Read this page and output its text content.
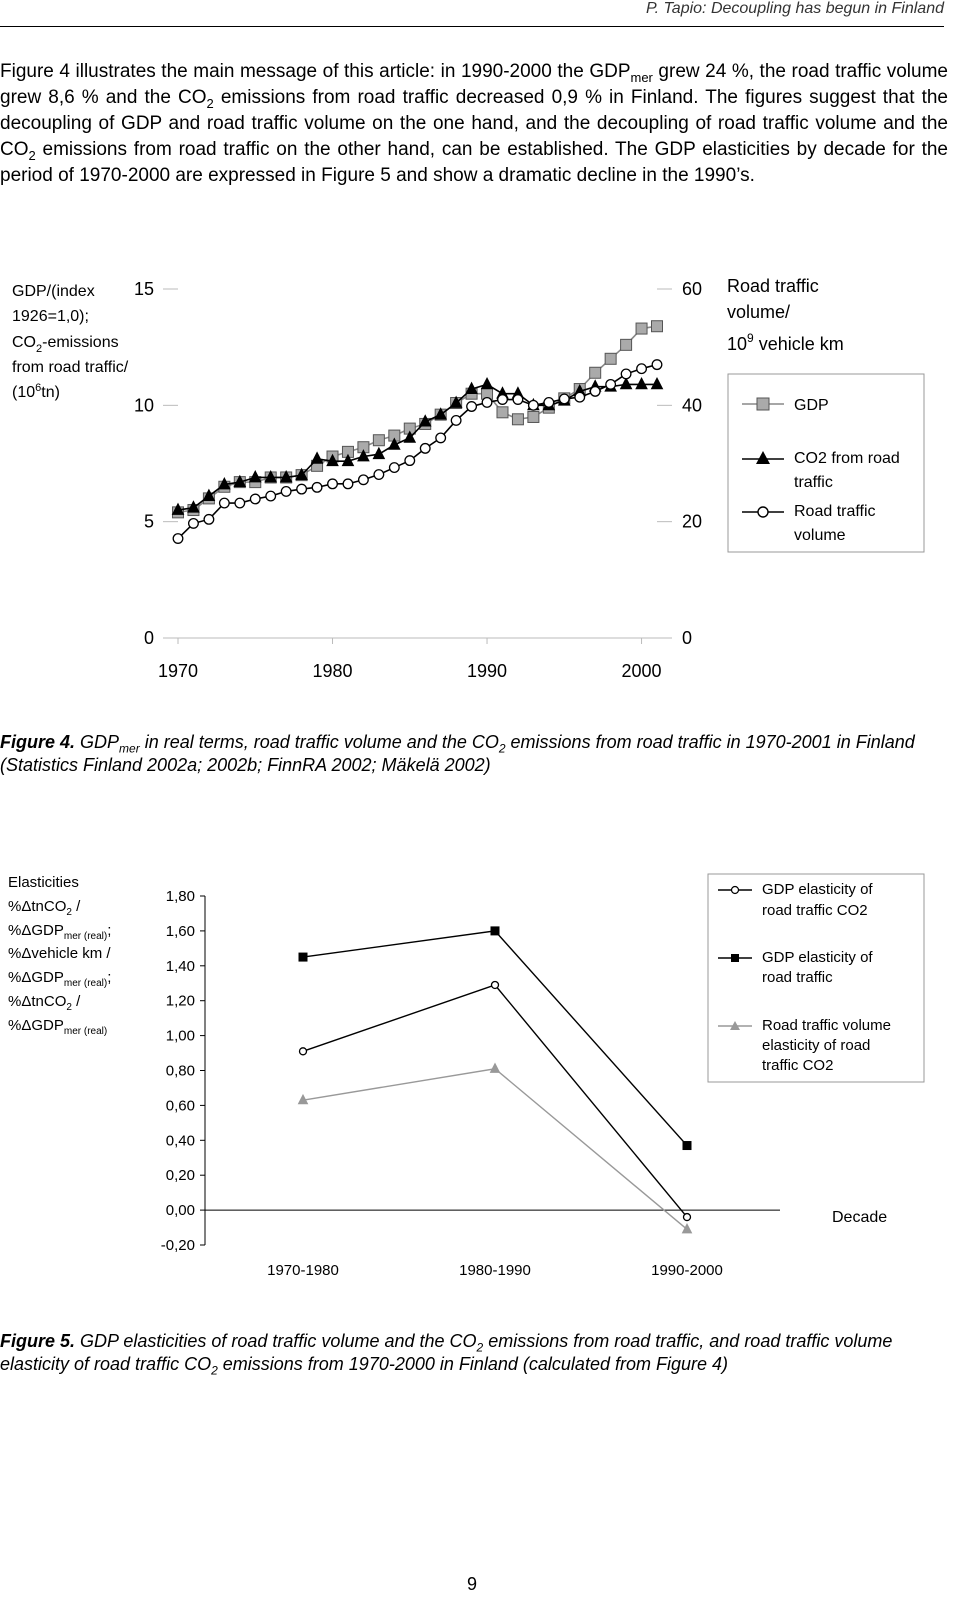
P. Tapio: Decoupling has begun in Finland

Figure 4 illustrates the main message of this article: in 1990-2000 the $GDP_{mer}$ grew 24 %, the road traffic volume grew 8,6 % and the $CO_2$ emissions from road traffic decreased 0,9 % in Finland. The figures suggest that the decoupling of GDP and road traffic volume on the one hand, and the decoupling of road traffic volume and the $CO_2$ emissions from road traffic on the other hand, can be established. The GDP elasticities by decade for the period of 1970-2000 are expressed in Figure 5 and show a dramatic decline in the 1990’s.

GDP/(index
1926=1,0);
$CO_2$-emissions
from road traffic/
$(10^6tn)$
Road traffic
volume/
$10^9$ vehicle km
15
10
5
0
60
40
20
0
1970	1980	1990	2000
GDP
CO2 from road
traffic
Road traffic
volume

Figure 4. $GDP_{mer}$ in real terms, road traffic volume and the $CO_2$ emissions from road traffic in 1970-2001 in Finland (Statistics Finland 2002a; 2002b; FinnRA 2002; Mäkelä 2002)

Elasticities
%ΔtnCO$_2$ /
$\%\Delta GDP_{mer (real)}$;
%Δvehicle km /
$\%\Delta GDP_{mer (real)}$;
%ΔtnCO$_2$ /
$\%\Delta GDP_{mer (real)}$
1,80
1,60
1,40
1,20
1,00
0,80
0,60
0,40
0,20
0,00
-0,20
1970-1980	1980-1990	1990-2000
Decade
GDP elasticity of
road traffic CO2
GDP elasticity of
road traffic
Road traffic volume
elasticity of road
traffic CO2

Figure 5. GDP elasticities of road traffic volume and the $CO_2$ emissions from road traffic, and road traffic volume elasticity of road traffic $CO_2$ emissions from 1970-2000 in Finland (calculated from Figure 4)

9
